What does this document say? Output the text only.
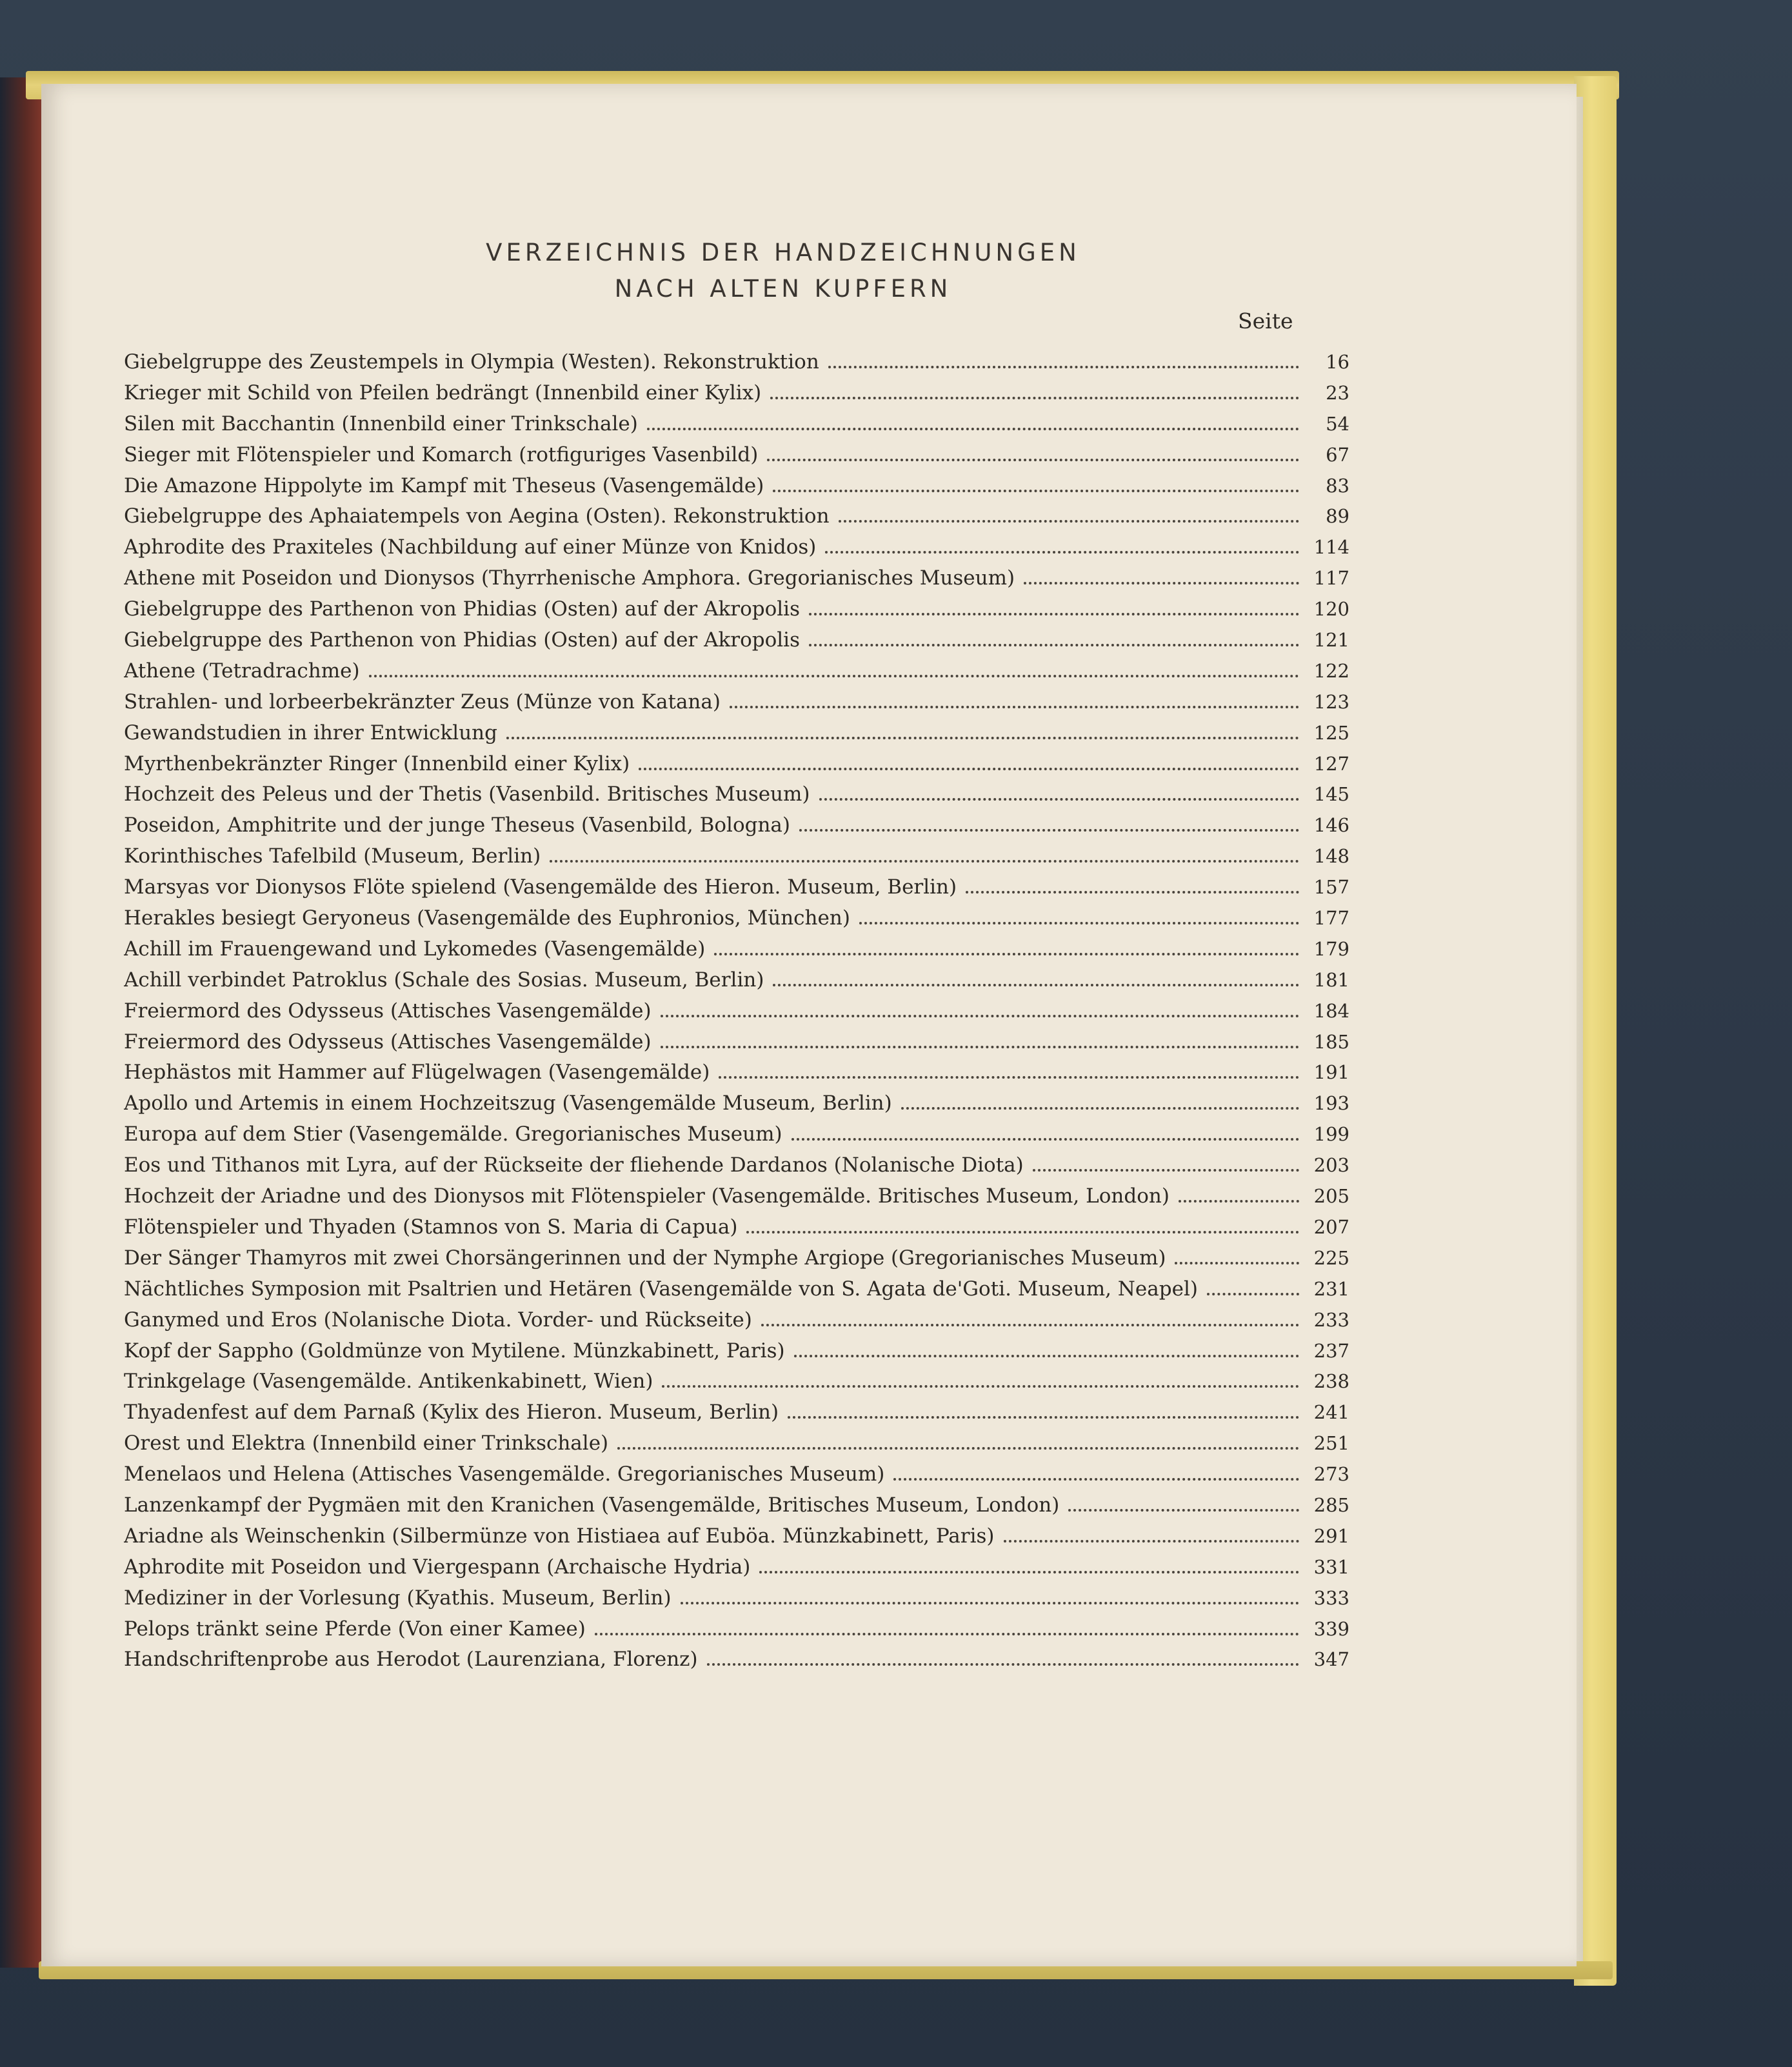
VERZEICHNIS DER HANDZEICHNUNGEN
NACH ALTEN KUPFERN
Seite
Giebelgruppe des Zeustempels in Olympia (Westen). Rekonstruktion	16
Krieger mit Schild von Pfeilen bedrängt (Innenbild einer Kylix)	23
Silen mit Bacchantin (Innenbild einer Trinkschale)	54
Sieger mit Flötenspieler und Komarch (rotfiguriges Vasenbild)	67
Die Amazone Hippolyte im Kampf mit Theseus (Vasengemälde)	83
Giebelgruppe des Aphaiatempels von Aegina (Osten). Rekonstruktion	89
Aphrodite des Praxiteles (Nachbildung auf einer Münze von Knidos)	114
Athene mit Poseidon und Dionysos (Thyrrhenische Amphora. Gregorianisches Museum)	117
Giebelgruppe des Parthenon von Phidias (Osten) auf der Akropolis	120
Giebelgruppe des Parthenon von Phidias (Osten) auf der Akropolis	121
Athene (Tetradrachme)	122
Strahlen- und lorbeerbekränzter Zeus (Münze von Katana)	123
Gewandstudien in ihrer Entwicklung	125
Myrthenbekränzter Ringer (Innenbild einer Kylix)	127
Hochzeit des Peleus und der Thetis (Vasenbild. Britisches Museum)	145
Poseidon, Amphitrite und der junge Theseus (Vasenbild, Bologna)	146
Korinthisches Tafelbild (Museum, Berlin)	148
Marsyas vor Dionysos Flöte spielend (Vasengemälde des Hieron. Museum, Berlin)	157
Herakles besiegt Geryoneus (Vasengemälde des Euphronios, München)	177
Achill im Frauengewand und Lykomedes (Vasengemälde)	179
Achill verbindet Patroklus (Schale des Sosias. Museum, Berlin)	181
Freiermord des Odysseus (Attisches Vasengemälde)	184
Freiermord des Odysseus (Attisches Vasengemälde)	185
Hephästos mit Hammer auf Flügelwagen (Vasengemälde)	191
Apollo und Artemis in einem Hochzeitszug (Vasengemälde Museum, Berlin)	193
Europa auf dem Stier (Vasengemälde. Gregorianisches Museum)	199
Eos und Tithanos mit Lyra, auf der Rückseite der fliehende Dardanos (Nolanische Diota)	203
Hochzeit der Ariadne und des Dionysos mit Flötenspieler (Vasengemälde. Britisches Museum, London)	205
Flötenspieler und Thyaden (Stamnos von S. Maria di Capua)	207
Der Sänger Thamyros mit zwei Chorsängerinnen und der Nymphe Argiope (Gregorianisches Museum)	225
Nächtliches Symposion mit Psaltrien und Hetären (Vasengemälde von S. Agata de'Goti. Museum, Neapel)	231
Ganymed und Eros (Nolanische Diota. Vorder- und Rückseite)	233
Kopf der Sappho (Goldmünze von Mytilene. Münzkabinett, Paris)	237
Trinkgelage (Vasengemälde. Antikenkabinett, Wien)	238
Thyadenfest auf dem Parnaß (Kylix des Hieron. Museum, Berlin)	241
Orest und Elektra (Innenbild einer Trinkschale)	251
Menelaos und Helena (Attisches Vasengemälde. Gregorianisches Museum)	273
Lanzenkampf der Pygmäen mit den Kranichen (Vasengemälde, Britisches Museum, London)	285
Ariadne als Weinschenkin (Silbermünze von Histiaea auf Euböa. Münzkabinett, Paris)	291
Aphrodite mit Poseidon und Viergespann (Archaische Hydria)	331
Mediziner in der Vorlesung (Kyathis. Museum, Berlin)	333
Pelops tränkt seine Pferde (Von einer Kamee)	339
Handschriftenprobe aus Herodot (Laurenziana, Florenz)	347
